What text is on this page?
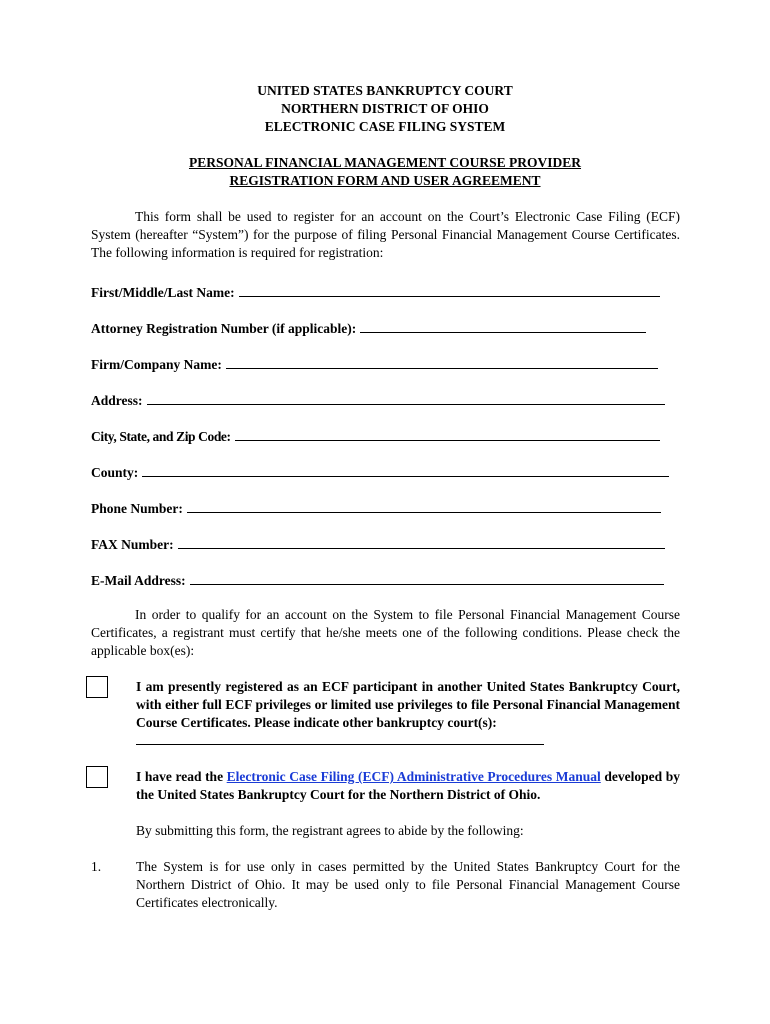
UNITED STATES BANKRUPTCY COURT
NORTHERN DISTRICT OF OHIO
ELECTRONIC CASE FILING SYSTEM
PERSONAL FINANCIAL MANAGEMENT COURSE PROVIDER
REGISTRATION FORM AND USER AGREEMENT
This form shall be used to register for an account on the Court’s Electronic Case Filing (ECF) System (hereafter “System”) for the purpose of filing Personal Financial Management Course Certificates. The following information is required for registration:
First/Middle/Last Name:
Attorney Registration Number (if applicable):
Firm/Company Name:
Address:
City, State, and Zip Code:
County:
Phone Number:
FAX Number:
E-Mail Address:
In order to qualify for an account on the System to file Personal Financial Management Course Certificates, a registrant must certify that he/she meets one of the following conditions. Please check the applicable box(es):
I am presently registered as an ECF participant in another United States Bankruptcy Court, with either full ECF privileges or limited use privileges to file Personal Financial Management Course Certificates. Please indicate other bankruptcy court(s):
I have read the Electronic Case Filing (ECF) Administrative Procedures Manual developed by the United States Bankruptcy Court for the Northern District of Ohio.
By submitting this form, the registrant agrees to abide by the following:
1.	The System is for use only in cases permitted by the United States Bankruptcy Court for the Northern District of Ohio. It may be used only to file Personal Financial Management Course Certificates electronically.
